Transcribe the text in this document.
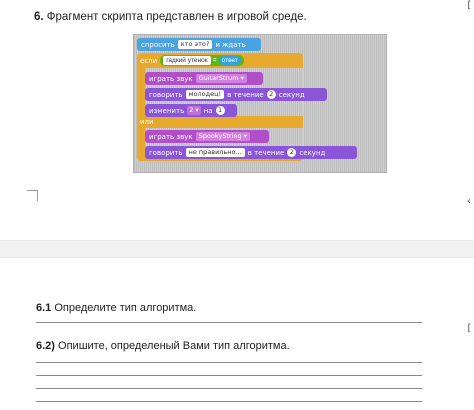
6. Фрагмент скрипта представлен в игровой среде.
[
‹
[
спросить кто это? и ждать
если	гадкий утенок = ответ
играть звук GuitarStrum ▾
говорить молодец! в течение 2 секунд
изменить 2 ▾ на 1
или
играть звук SpookyString ▾
говорить не правильно... в течение 2 секунд
6.1 Определите тип алгоритма.
6.2) Опишите, определеный Вами тип алгоритма.
